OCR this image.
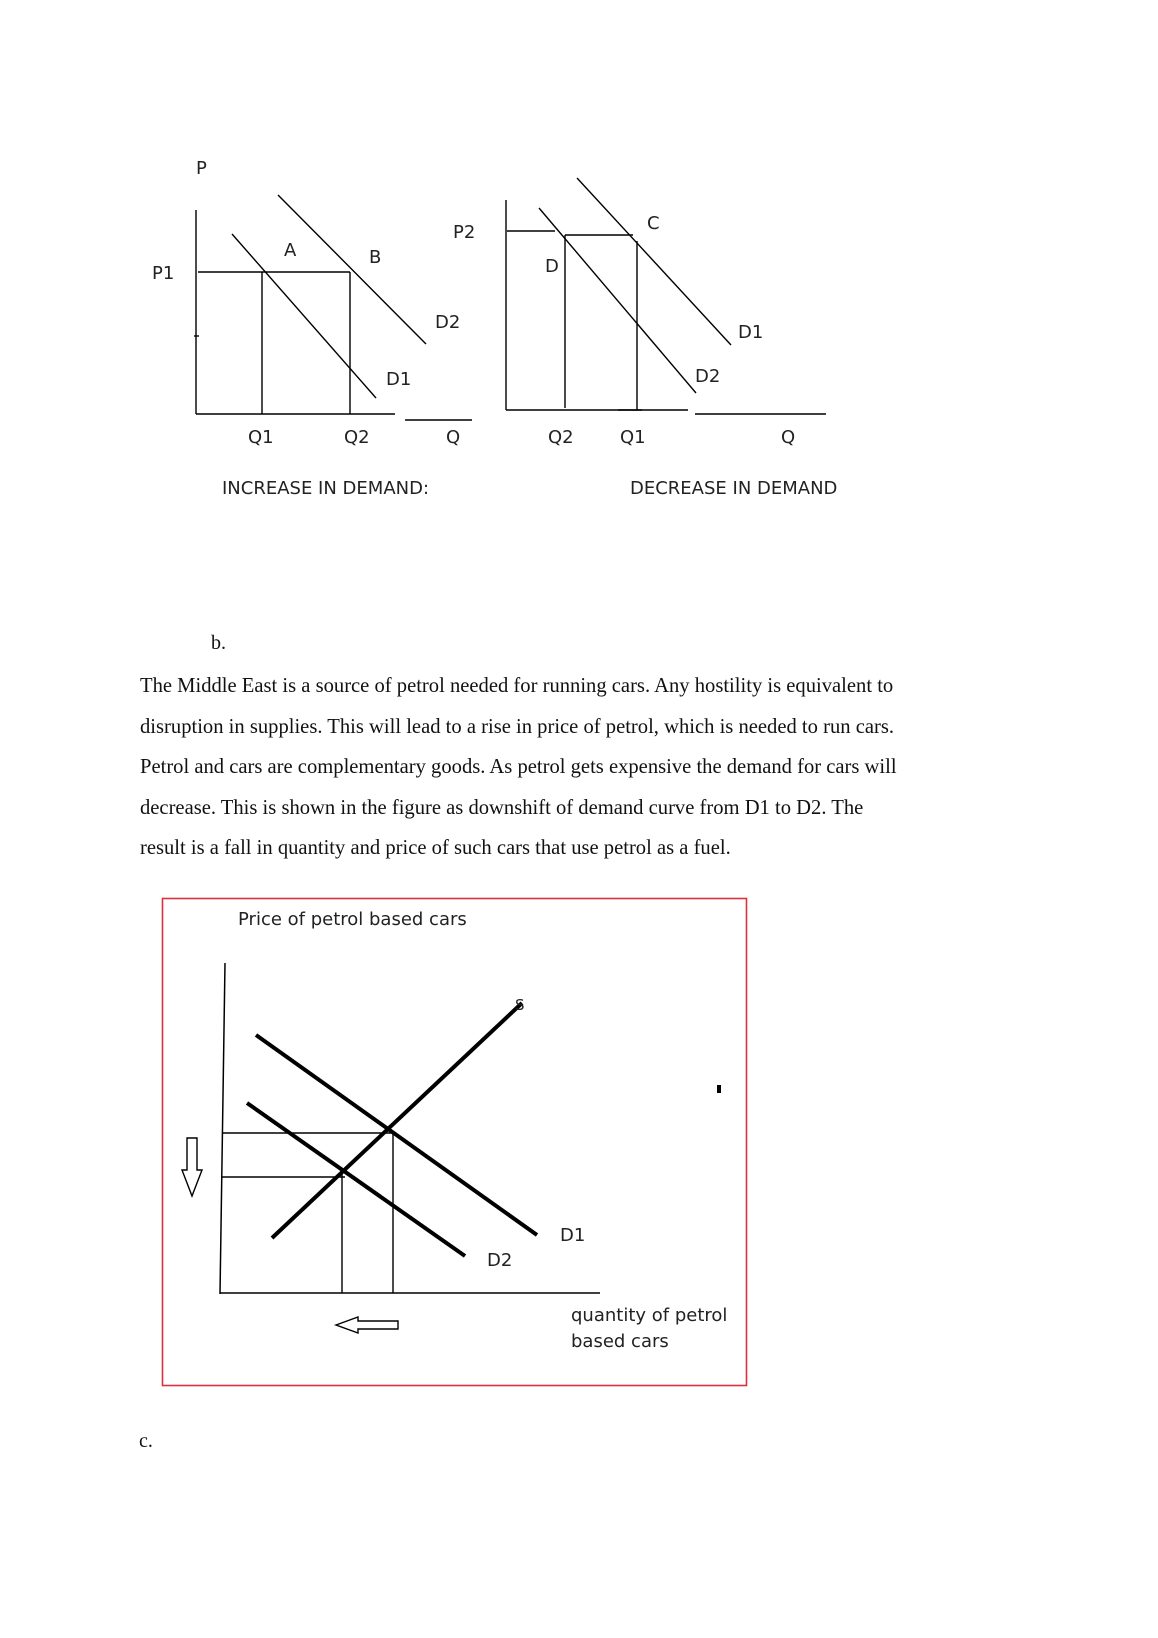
P
P1
P2
A	B
D2
D1
Q1	Q2	Q
INCREASE IN DEMAND:
C
D
D1
D2
Q2	Q1	Q
DECREASE IN DEMAND
b.

The Middle East is a source of petrol needed for running cars. Any hostility is equivalent to

disruption in supplies. This will lead to a rise in price of petrol, which is needed to run cars.

Petrol and cars are complementary goods. As petrol gets expensive the demand for cars will

decrease. This is shown in the figure as downshift of demand curve from D1 to D2. The

result is a fall in quantity and price of such cars that use petrol as a fuel.

Price of petrol based cars
S
D1
D2
quantity of petrol
based cars
c.
